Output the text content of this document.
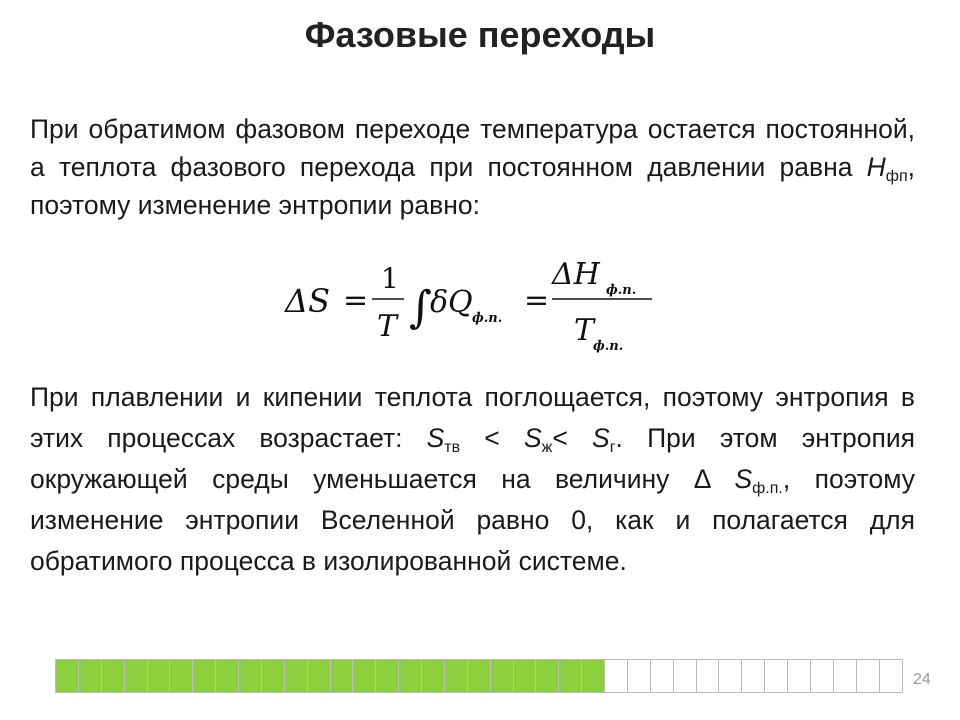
Фазовые переходы
При обратимом фазовом переходе температура остается постоянной, а теплота фазового перехода при постоянном давлении равна $H_{фп}$, поэтому изменение энтропии равно:
ΔS =
1
T ∫
δQ ф.п.
=
ΔH ф.п.
T
ф.п.
При плавлении и кипении теплота поглощается, поэтому энтропия в этих процессах возрастает: $S_{тв} < S_ж< S_г$. При этом энтропия окружающей среды уменьшается на величину Δ $S_{ф.п.}$, поэтому изменение энтропии Вселенной равно 0, как и полагается для обратимого процесса в изолированной системе.
24
